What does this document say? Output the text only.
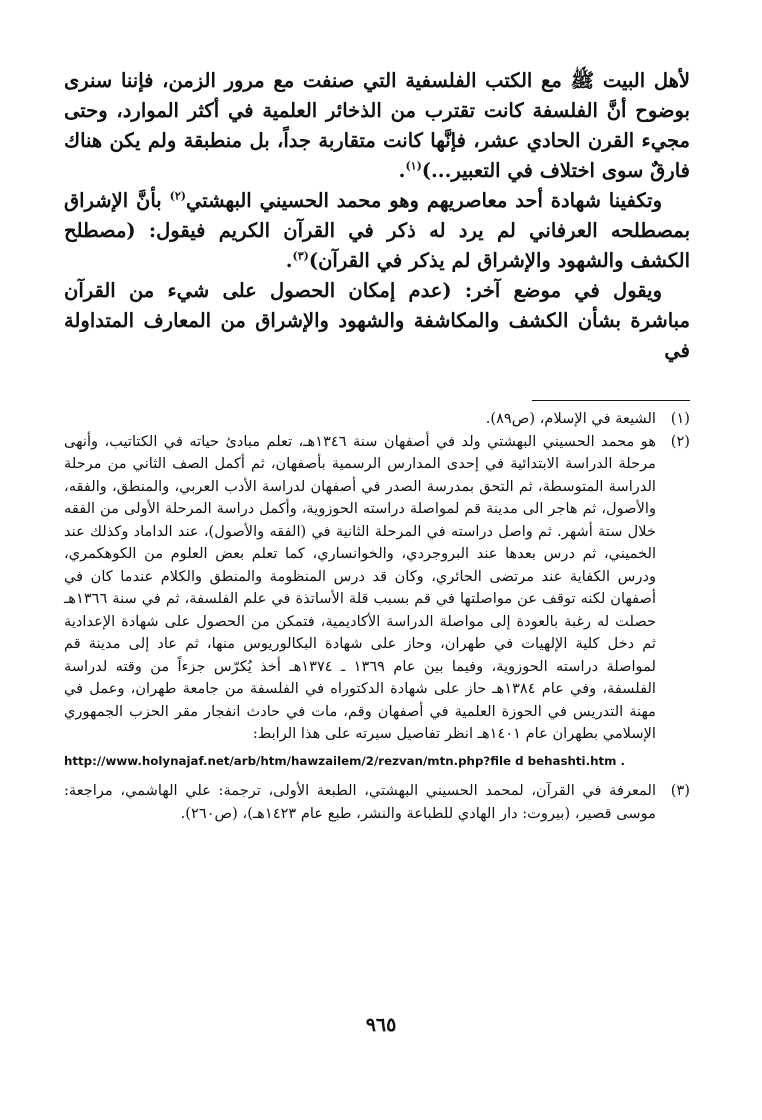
لأهل البيت ﷺ مع الكتب الفلسفية التي صنفت مع مرور الزمن، فإننا سنرى بوضوح أنَّ الفلسفة كانت تقترب من الذخائر العلمية في أكثر الموارد، وحتى مجيء القرن الحادي عشر، فإنَّها كانت متقاربة جداً، بل منطبقة ولم يكن هناك فارقٌ سوى اختلاف في التعبير...)$^{(١)}$.

وتكفينا شهادة أحد معاصريهم وهو محمد الحسيني البهشتي$^{(٢)}$ بأنَّ الإشراق بمصطلحه العرفاني لم يرد له ذكر في القرآن الكريم فيقول: (مصطلح الكشف والشهود والإشراق لم يذكر في القرآن)$^{(٣)}$.

ويقول في موضع آخر: (عدم إمكان الحصول على شيء من القرآن مباشرة بشأن الكشف والمكاشفة والشهود والإشراق من المعارف المتداولة في

(١)
الشيعة في الإسلام، (ص٨٩).
(٢)
هو محمد الحسيني البهشتي ولد في أصفهان سنة ١٣٤٦هـ، تعلم مبادئ حياته في الكتاتيب، وأنهى مرحلة الدراسة الابتدائية في إحدى المدارس الرسمية بأصفهان، ثم أكمل الصف الثاني من مرحلة الدراسة المتوسطة، ثم التحق بمدرسة الصدر في أصفهان لدراسة الأدب العربي، والمنطق، والفقه، والأصول، ثم هاجر الى مدينة قم لمواصلة دراسته الحوزوية، وأكمل دراسة المرحلة الأولى من الفقه خلال ستة أشهر. ثم واصل دراسته في المرحلة الثانية في (الفقه والأصول)، عند الداماد وكذلك عند الخميني، ثم درس بعدها عند البروجردي، والخوانساري، كما تعلم بعض العلوم من الكوهكمري، ودرس الكفاية عند مرتضى الحائري، وكان قد درس المنظومة والمنطق والكلام عندما كان في أصفهان لكنه توقف عن مواصلتها في قم بسبب قلة الأساتذة في علم الفلسفة، ثم في سنة ١٣٦٦هـ حصلت له رغبة بالعودة إلى مواصلة الدراسة الأكاديمية، فتمكن من الحصول على شهادة الإعدادية ثم دخل كلية الإلهيات في طهران، وحاز على شهادة البكالوريوس منها، ثم عاد إلى مدينة قم لمواصلة دراسته الحوزوية، وفيما بين عام ١٣٦٩ ـ ١٣٧٤هـ أخذ يُكرّس جزءاً من وقته لدراسة الفلسفة، وفي عام ١٣٨٤هـ حاز على شهادة الدكتوراه في الفلسفة من جامعة طهران، وعمل في مهنة التدريس في الحوزة العلمية في أصفهان وقم، مات في حادث انفجار مقر الحزب الجمهوري الإسلامي بطهران عام ١٤٠١هـ انظر تفاصيل سيرته على هذا الرابط:
http://www.holynajaf.net/arb/htm/hawzailem/2/rezvan/mtn.php?file d behashti.htm .
(٣)
المعرفة في القرآن، لمحمد الحسيني البهشتي، الطبعة الأولى، ترجمة: علي الهاشمي، مراجعة: موسى قصير، (بيروت: دار الهادي للطباعة والنشر، طبع عام ١٤٢٣هـ)، (ص٢٦٠).
٩٦٥
